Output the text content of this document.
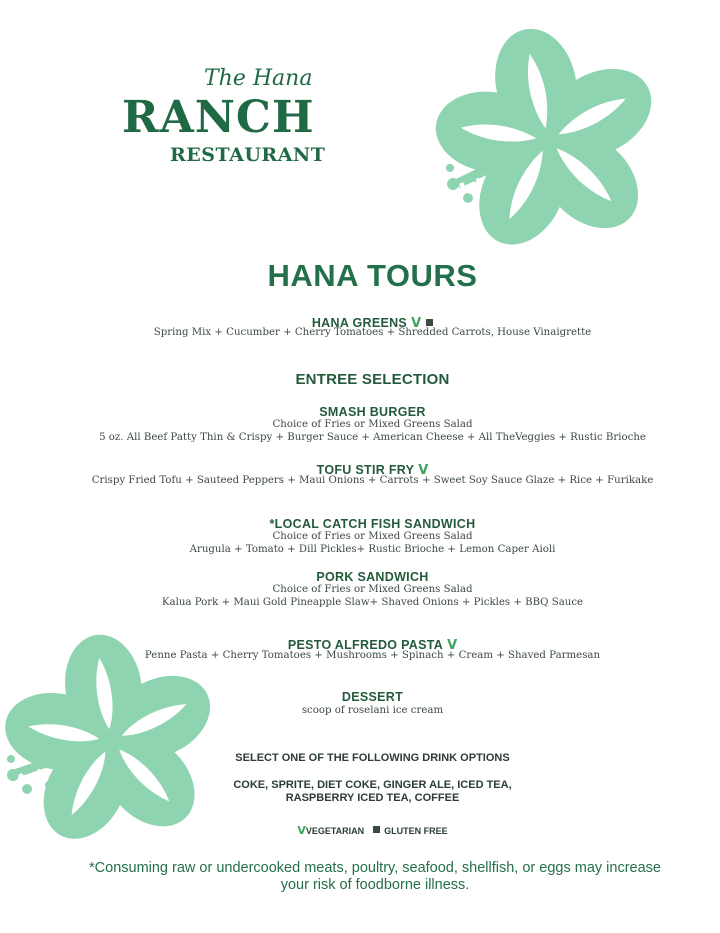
The Hana
RANCH
RESTAURANT
HANA TOURS
HANA GREENS V
Spring Mix + Cucumber + Cherry Tomatoes + Shredded Carrots, House Vinaigrette
ENTREE SELECTION
SMASH BURGER
Choice of Fries or Mixed Greens Salad
5 oz. All Beef Patty Thin & Crispy + Burger Sauce + American Cheese + All TheVeggies + Rustic Brioche
TOFU STIR FRY V
Crispy Fried Tofu + Sauteed Peppers + Maui Onions + Carrots + Sweet Soy Sauce Glaze + Rice + Furikake
*LOCAL CATCH FISH SANDWICH
Choice of Fries or Mixed Greens Salad
Arugula + Tomato + Dill Pickles+ Rustic Brioche + Lemon Caper Aioli
PORK SANDWICH
Choice of Fries or Mixed Greens Salad
Kalua Pork + Maui Gold Pineapple Slaw+ Shaved Onions + Pickles + BBQ Sauce
PESTO ALFREDO PASTA V
Penne Pasta + Cherry Tomatoes + Mushrooms + Spinach + Cream + Shaved Parmesan
DESSERT
scoop of roselani ice cream
SELECT ONE OF THE FOLLOWING DRINK OPTIONS
COKE, SPRITE, DIET COKE, GINGER ALE, ICED TEA,
RASPBERRY ICED TEA, COFFEE
VVEGETARIAN GLUTEN FREE
*Consuming raw or undercooked meats, poultry, seafood, shellfish, or eggs may increase
your risk of foodborne illness.
